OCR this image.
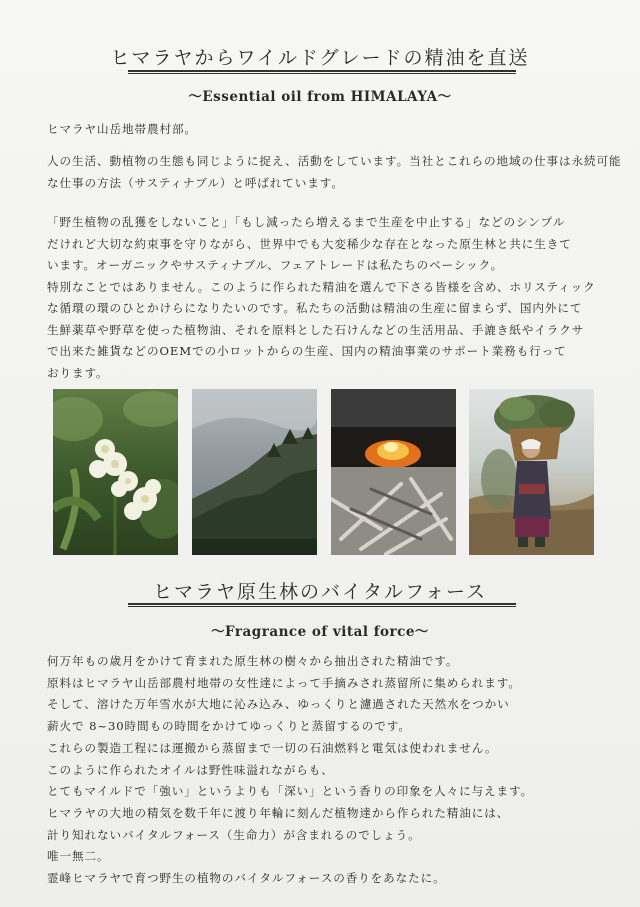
ヒマラヤからワイルドグレードの精油を直送
〜Essential oil from HIMALAYA〜
ヒマラヤ山岳地帯農村部。
人の生活、動植物の生態も同じように捉え、活動をしています。当社とこれらの地域の仕事は永続可能
な仕事の方法（サスティナブル）と呼ばれています。
「野生植物の乱獲をしないこと」「もし減ったら増えるまで生産を中止する」などのシンプル
だけれど大切な約束事を守りながら、世界中でも大変稀少な存在となった原生林と共に生きて
います。オーガニックやサスティナブル、フェアトレードは私たちのベーシック。
特別なことではありません。このように作られた精油を選んで下さる皆様を含め、ホリスティック
な循環の環のひとかけらになりたいのです。私たちの活動は精油の生産に留まらず、国内外にて
生鮮薬草や野草を使った植物油、それを原料とした石けんなどの生活用品、手漉き紙やイラクサ
で出来た雑貨などのOEMでの小ロットからの生産、国内の精油事業のサポート業務も行って
おります。
ヒマラヤ原生林のバイタルフォース
〜Fragrance of vital force〜
何万年もの歳月をかけて育まれた原生林の樹々から抽出された精油です。
原料はヒマラヤ山岳部農村地帯の女性達によって手摘みされ蒸留所に集められます。
そして、溶けた万年雪水が大地に沁み込み、ゆっくりと濾過された天然水をつかい
薪火で 8~30時間もの時間をかけてゆっくりと蒸留するのです。
これらの製造工程には運搬から蒸留まで一切の石油燃料と電気は使われません。
このように作られたオイルは野性味溢れながらも、
とてもマイルドで「強い」というよりも「深い」という香りの印象を人々に与えます。
ヒマラヤの大地の精気を数千年に渡り年輪に刻んだ植物達から作られた精油には、
計り知れないバイタルフォース（生命力）が含まれるのでしょう。
唯一無二。
霊峰ヒマラヤで育つ野生の植物のバイタルフォースの香りをあなたに。
